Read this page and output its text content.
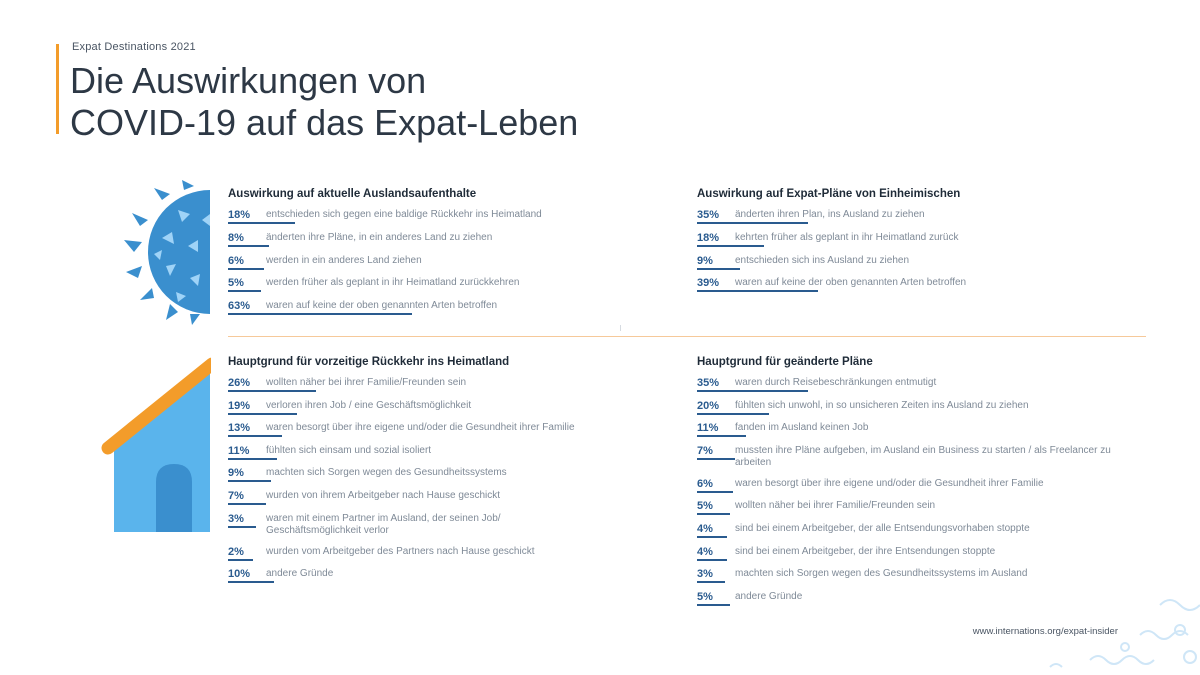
Expat Destinations 2021
Die Auswirkungen von
COVID-19 auf das Expat-Leben
Auswirkung auf aktuelle Auslandsaufenthalte
18%	entschieden sich gegen eine baldige Rückkehr ins Heimatland
8%	änderten ihre Pläne, in ein anderes Land zu ziehen
6%	werden in ein anderes Land ziehen
5%	werden früher als geplant in ihr Heimatland zurückkehren
63%	waren auf keine der oben genannten Arten betroffen
Auswirkung auf Expat-Pläne von Einheimischen
35%	änderten ihren Plan, ins Ausland zu ziehen
18%	kehrten früher als geplant in ihr Heimatland zurück
9%	entschieden sich ins Ausland zu ziehen
39%	waren auf keine der oben genannten Arten betroffen
Hauptgrund für vorzeitige Rückkehr ins Heimatland
26%	wollten näher bei ihrer Familie/Freunden sein
19%	verloren ihren Job / eine Geschäftsmöglichkeit
13%	waren besorgt über ihre eigene und/oder die Gesundheit ihrer Familie
11%	fühlten sich einsam und sozial isoliert
9%	machten sich Sorgen wegen des Gesundheitssystems
7%	wurden von ihrem Arbeitgeber nach Hause geschickt
3%	waren mit einem Partner im Ausland, der seinen Job/ Geschäftsmöglichkeit verlor
2%	wurden vom Arbeitgeber des Partners nach Hause geschickt
10%	andere Gründe
Hauptgrund für geänderte Pläne
35%	waren durch Reisebeschränkungen entmutigt
20%	fühlten sich unwohl, in so unsicheren Zeiten ins Ausland zu ziehen
11%	fanden im Ausland keinen Job
7%	mussten ihre Pläne aufgeben, im Ausland ein Business zu starten / als Freelancer zu arbeiten
6%	waren besorgt über ihre eigene und/oder die Gesundheit ihrer Familie
5%	wollten näher bei ihrer Familie/Freunden sein
4%	sind bei einem Arbeitgeber, der alle Entsendungsvorhaben stoppte
4%	sind bei einem Arbeitgeber, der ihre Entsendungen stoppte
3%	machten sich Sorgen wegen des Gesundheitssystems im Ausland
5%	andere Gründe
www.internations.org/expat-insider
